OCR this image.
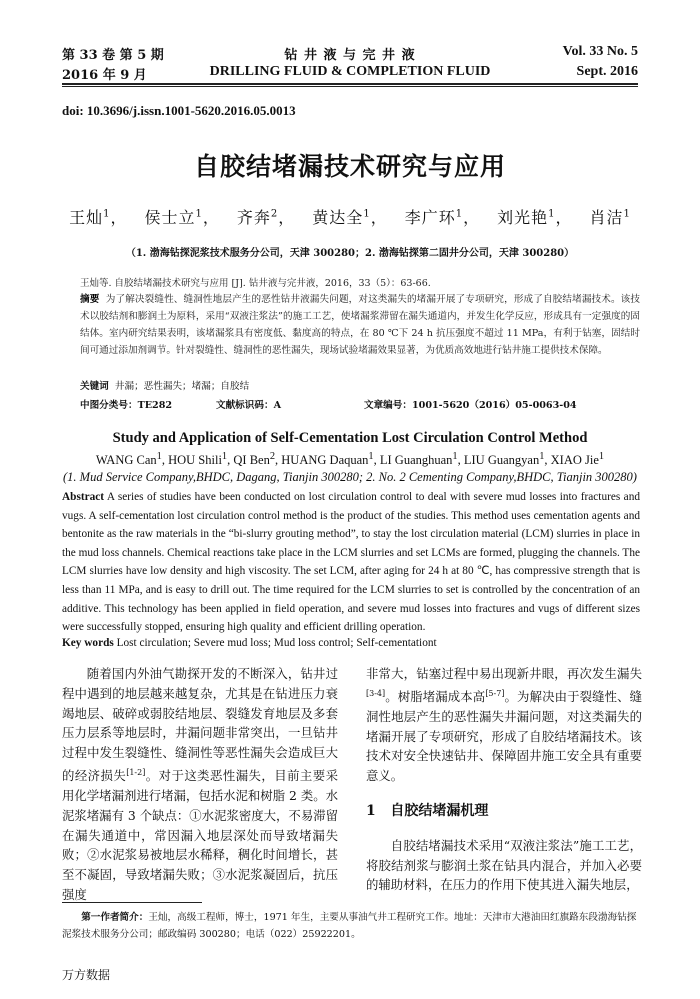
第 33 卷 第 5 期
2016 年 9 月
钻 井 液 与 完 井 液
DRILLING FLUID & COMPLETION FLUID
Vol. 33 No. 5
Sept. 2016
doi: 10.3696/j.issn.1001-5620.2016.05.0013
自胶结堵漏技术研究与应用
王灿$^1$， 侯士立$^1$， 齐奔$^2$， 黄达全$^1$， 李广环$^1$， 刘光艳$^1$， 肖洁$^1$
（1. 渤海钻探泥浆技术服务分公司，天津 300280；2. 渤海钻探第二固井分公司，天津 300280）
王灿等. 自胶结堵漏技术研究与应用 [J]. 钻井液与完井液，2016，33（5）：63-66.
摘要 为了解决裂缝性、缝洞性地层产生的恶性钻井液漏失问题，对这类漏失的堵漏开展了专项研究，形成了自胶结堵漏技术。该技术以胶结剂和膨润土为原料，采用“双液注浆法”的施工工艺，使堵漏浆滞留在漏失通道内，并发生化学反应，形成具有一定强度的固结体。室内研究结果表明，该堵漏浆具有密度低、黏度高的特点，在 80 ℃下 24 h 抗压强度不超过 11 MPa，有利于钻塞，固结时间可通过添加剂调节。针对裂缝性、缝洞性的恶性漏失，现场试验堵漏效果显著，为优质高效地进行钻井施工提供技术保障。
关键词 井漏；恶性漏失；堵漏；自胶结
中图分类号：TE282	文献标识码：A	文章编号：1001-5620（2016）05-0063-04
Study and Application of Self-Cementation Lost Circulation Control Method
WANG Can$^1$, HOU Shili$^1$, QI Ben$^2$, HUANG Daquan$^1$, LI Guanghuan$^1$, LIU Guangyan$^1$, XIAO Jie$^1$
(1. Mud Service Company,BHDC, Dagang, Tianjin 300280; 2. No. 2 Cementing Company,BHDC, Tianjin 300280)
Abstract A series of studies have been conducted on lost circulation control to deal with severe mud losses into fractures and vugs. A self-cementation lost circulation control method is the product of the studies. This method uses cementation agents and bentonite as the raw materials in the “bi-slurry grouting method”, to stay the lost circulation material (LCM) slurries in place in the mud loss channels. Chemical reactions take place in the LCM slurries and set LCMs are formed, plugging the channels. The LCM slurries have low density and high viscosity. The set LCM, after aging for 24 h at 80 ℃, has compressive strength that is less than 11 MPa, and is easy to drill out. The time required for the LCM slurries to set is controlled by the concentration of an additive. This technology has been applied in field operation, and severe mud losses into fractures and vugs of different sizes were successfully stopped, ensuring high quality and efficient drilling operation.
Key words Lost circulation; Severe mud loss; Mud loss control; Self-cementationt

随着国内外油气勘探开发的不断深入，钻井过程中遇到的地层越来越复杂，尤其是在钻进压力衰竭地层、破碎或弱胶结地层、裂缝发育地层及多套压力层系等地层时，井漏问题非常突出，一旦钻井过程中发生裂缝性、缝洞性等恶性漏失会造成巨大的经济损失[1-2]。对于这类恶性漏失，目前主要采用化学堵漏剂进行堵漏，包括水泥和树脂 2 类。水泥浆堵漏有 3 个缺点：①水泥浆密度大，不易滞留在漏失通道中，常因漏入地层深处而导致堵漏失败；②水泥浆易被地层水稀释，稠化时间增长，甚至不凝固，导致堵漏失败；③水泥浆凝固后，抗压强度

非常大，钻塞过程中易出现新井眼，再次发生漏失[3-4]。树脂堵漏成本高[5-7]。为解决由于裂缝性、缝洞性地层产生的恶性漏失井漏问题，对这类漏失的堵漏开展了专项研究，形成了自胶结堵漏技术。该技术对安全快速钻井、保障固井施工安全具有重要意义。

1 自胶结堵漏机理

自胶结堵漏技术采用“双液注浆法”施工工艺，将胶结剂浆与膨润土浆在钻具内混合，并加入必要的辅助材料，在压力的作用下使其进入漏失地层，

第一作者简介：王灿，高级工程师，博士，1971 年生，主要从事油气井工程研究工作。地址：天津市大港油田红旗路东段渤海钻探泥浆技术服务分公司；邮政编码 300280；电话（022）25922201。
万方数据
